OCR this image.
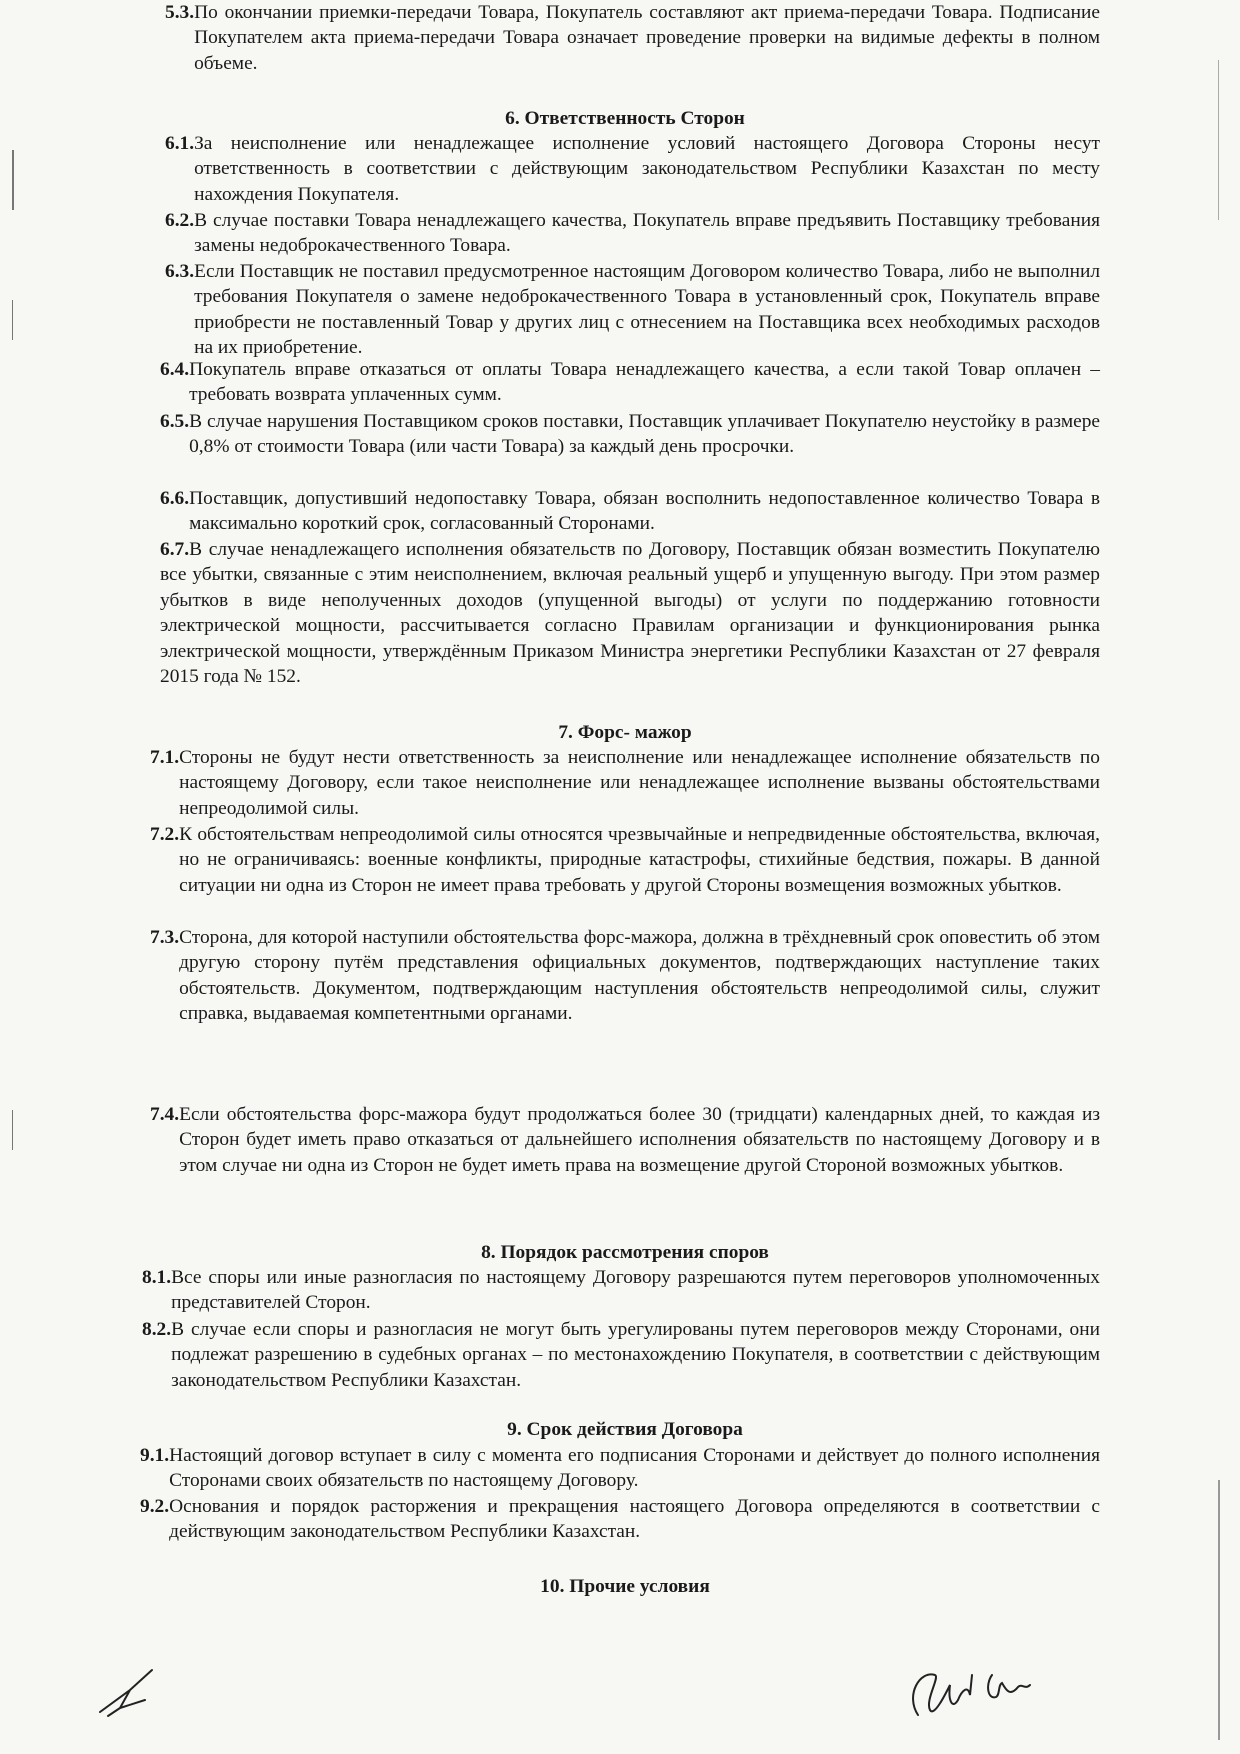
5.3. По окончании приемки-передачи Товара, Покупатель составляют акт приема-передачи Товара. Подписание Покупателем акта приема-передачи Товара означает проведение проверки на видимые дефекты в полном объеме.
6. Ответственность Сторон
6.1. За неисполнение или ненадлежащее исполнение условий настоящего Договора Стороны несут ответственность в соответствии с действующим законодательством Республики Казахстан по месту нахождения Покупателя.
6.2. В случае поставки Товара ненадлежащего качества, Покупатель вправе предъявить Поставщику требования замены недоброкачественного Товара.
6.3. Если Поставщик не поставил предусмотренное настоящим Договором количество Товара, либо не выполнил требования Покупателя о замене недоброкачественного Товара в установленный срок, Покупатель вправе приобрести не поставленный Товар у других лиц с отнесением на Поставщика всех необходимых расходов на их приобретение.
6.4. Покупатель вправе отказаться от оплаты Товара ненадлежащего качества, а если такой Товар оплачен – требовать возврата уплаченных сумм.
6.5. В случае нарушения Поставщиком сроков поставки, Поставщик уплачивает Покупателю неустойку в размере 0,8% от стоимости Товара (или части Товара) за каждый день просрочки.
6.6. Поставщик, допустивший недопоставку Товара, обязан восполнить недопоставленное количество Товара в максимально короткий срок, согласованный Сторонами.

6.7.В случае ненадлежащего исполнения обязательств по Договору, Поставщик обязан возместить Покупателю все убытки, связанные с этим неисполнением, включая реальный ущерб и упущенную выгоду. При этом размер убытков в виде неполученных доходов (упущенной выгоды) от услуги по поддержанию готовности электрической мощности, рассчитывается согласно Правилам организации и функционирования рынка электрической мощности, утверждённым Приказом Министра энергетики Республики Казахстан от 27 февраля 2015 года № 152.

7. Форс- мажор
7.1. Стороны не будут нести ответственность за неисполнение или ненадлежащее исполнение обязательств по настоящему Договору, если такое неисполнение или ненадлежащее исполнение вызваны обстоятельствами непреодолимой силы.
7.2. К обстоятельствам непреодолимой силы относятся чрезвычайные и непредвиденные обстоятельства, включая, но не ограничиваясь: военные конфликты, природные катастрофы, стихийные бедствия, пожары. В данной ситуации ни одна из Сторон не имеет права требовать у другой Стороны возмещения возможных убытков.
7.3. Сторона, для которой наступили обстоятельства форс-мажора, должна в трёхдневный срок оповестить об этом другую сторону путём представления официальных документов, подтверждающих наступление таких обстоятельств. Документом, подтверждающим наступления обстоятельств непреодолимой силы, служит справка, выдаваемая компетентными органами.
7.4. Если обстоятельства форс-мажора будут продолжаться более 30 (тридцати) календарных дней, то каждая из Сторон будет иметь право отказаться от дальнейшего исполнения обязательств по настоящему Договору и в этом случае ни одна из Сторон не будет иметь права на возмещение другой Стороной возможных убытков.
8. Порядок рассмотрения споров
8.1. Все споры или иные разногласия по настоящему Договору разрешаются путем переговоров уполномоченных представителей Сторон.
8.2. В случае если споры и разногласия не могут быть урегулированы путем переговоров между Сторонами, они подлежат разрешению в судебных органах – по местонахождению Покупателя, в соответствии с действующим законодательством Республики Казахстан.
9. Срок действия Договора
9.1. Настоящий договор вступает в силу с момента его подписания Сторонами и действует до полного исполнения Сторонами своих обязательств по настоящему Договору.
9.2. Основания и порядок расторжения и прекращения настоящего Договора определяются в соответствии с действующим законодательством Республики Казахстан.
10. Прочие условия
